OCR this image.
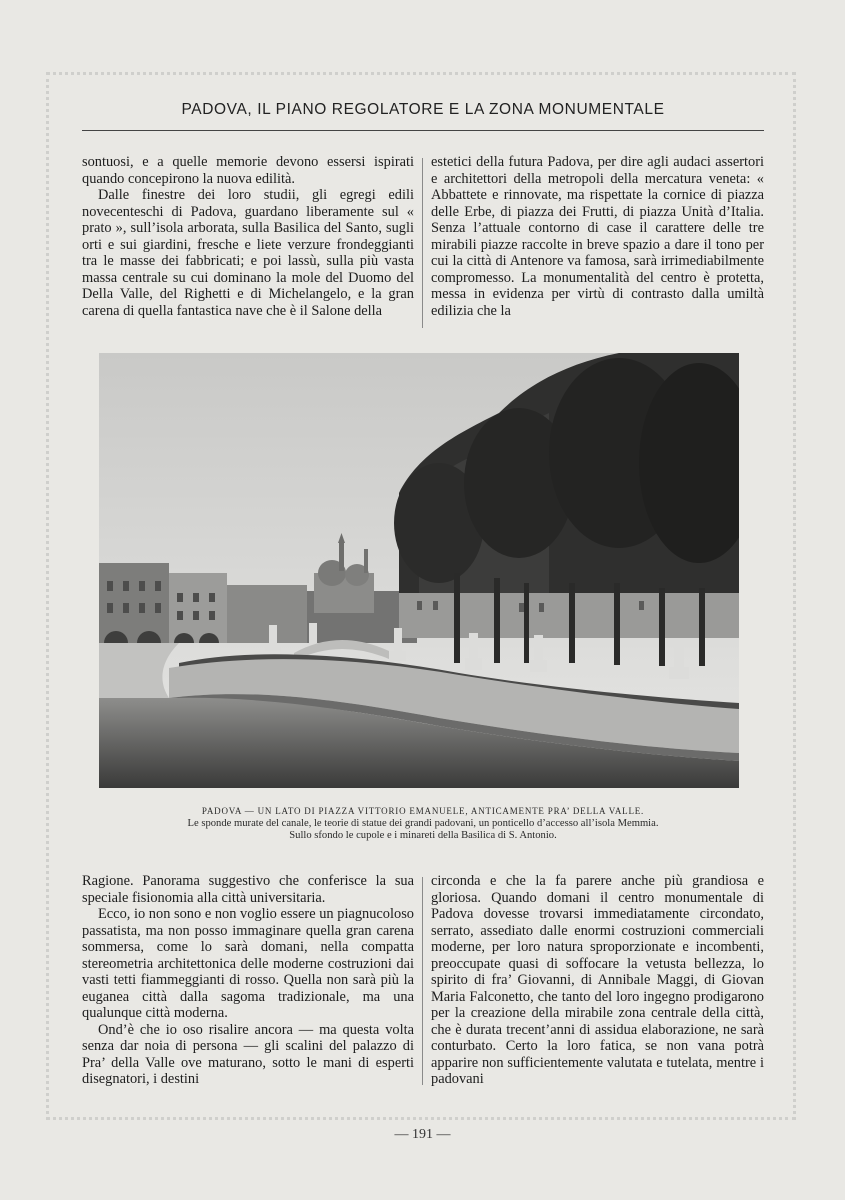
PADOVA, IL PIANO REGOLATORE E LA ZONA MONUMENTALE

sontuosi, e a quelle memorie devono essersi ispirati quando concepirono la nuova edilità.

Dalle finestre dei loro studii, gli egregi edili novecenteschi di Padova, guardano liberamente sul « prato », sull’isola arborata, sulla Basilica del Santo, sugli orti e sui giardini, fresche e liete verzure frondeggianti tra le masse dei fabbricati; e poi lassù, sulla più vasta massa centrale su cui dominano la mole del Duomo del Della Valle, del Righetti e di Michelangelo, e la gran carena di quella fantastica nave che è il Salone della

estetici della futura Padova, per dire agli audaci assertori e architettori della metropoli della mercatura veneta: « Abbattete e rinnovate, ma rispettate la cornice di piazza delle Erbe, di piazza dei Frutti, di piazza Unità d’Italia. Senza l’attuale contorno di case il carattere delle tre mirabili piazze raccolte in breve spazio a dare il tono per cui la città di Antenore va famosa, sarà irrimediabilmente compromesso. La monumentalità del centro è protetta, messa in evidenza per virtù di contrasto dalla umiltà edilizia che la

PADOVA — UN LATO DI PIAZZA VITTORIO EMANUELE, ANTICAMENTE PRA’ DELLA VALLE.
Le sponde murate del canale, le teorie di statue dei grandi padovani, un ponticello d’accesso all’isola Memmia.
Sullo sfondo le cupole e i minareti della Basilica di S. Antonio.

Ragione. Panorama suggestivo che conferisce la sua speciale fisionomia alla città universitaria.

Ecco, io non sono e non voglio essere un piagnucoloso passatista, ma non posso immaginare quella gran carena sommersa, come lo sarà domani, nella compatta stereometria architettonica delle moderne costruzioni dai vasti tetti fiammeggianti di rosso. Quella non sarà più la euganea città dalla sagoma tradizionale, ma una qualunque città moderna.

Ond’è che io oso risalire ancora — ma questa volta senza dar noia di persona — gli scalini del palazzo di Pra’ della Valle ove maturano, sotto le mani di esperti disegnatori, i destini

circonda e che la fa parere anche più grandiosa e gloriosa. Quando domani il centro monumentale di Padova dovesse trovarsi immediatamente circondato, serrato, assediato dalle enormi costruzioni commerciali moderne, per loro natura sproporzionate e incombenti, preoccupate quasi di soffocare la vetusta bellezza, lo spirito di fra’ Giovanni, di Annibale Maggi, di Giovan Maria Falconetto, che tanto del loro ingegno prodigarono per la creazione della mirabile zona centrale della città, che è durata trecent’anni di assidua elaborazione, ne sarà conturbato. Certo la loro fatica, se non vana potrà apparire non sufficientemente valutata e tutelata, mentre i padovani

— 191 —
